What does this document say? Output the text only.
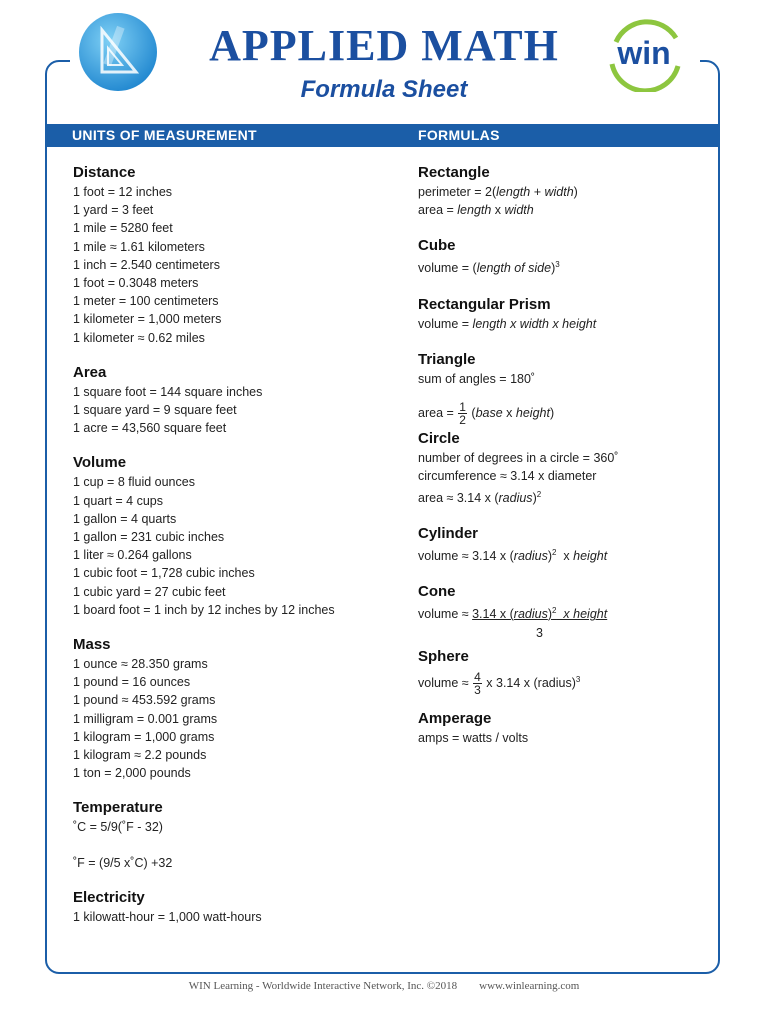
win
APPLIED MATH
Formula Sheet
UNITS OF MEASUREMENT	FORMULAS
Distance
1 foot = 12 inches
1 yard = 3 feet
1 mile = 5280 feet
1 mile ≈ 1.61 kilometers
1 inch = 2.540 centimeters
1 foot = 0.3048 meters
1 meter = 100 centimeters
1 kilometer = 1,000 meters
1 kilometer ≈ 0.62 miles
Area
1 square foot = 144 square inches
1 square yard = 9 square feet
1 acre = 43,560 square feet
Volume
1 cup = 8 fluid ounces
1 quart = 4 cups
1 gallon = 4 quarts
1 gallon = 231 cubic inches
1 liter ≈ 0.264 gallons
1 cubic foot = 1,728 cubic inches
1 cubic yard = 27 cubic feet
1 board foot = 1 inch by 12 inches by 12 inches
Mass
1 ounce ≈ 28.350 grams
1 pound = 16 ounces
1 pound ≈ 453.592 grams
1 milligram = 0.001 grams
1 kilogram = 1,000 grams
1 kilogram ≈ 2.2 pounds
1 ton = 2,000 pounds
Temperature
˚C = 5/9(˚F - 32)
˚F = (9/5 x˚C) +32
Electricity
1 kilowatt-hour = 1,000 watt-hours
Rectangle
perimeter = 2(length + width)
area = length x width
Cube
volume = (length of side)$^3$
Rectangular Prism
volume = length x width x height
Triangle
sum of angles = 180˚
area = $\frac{1}{2}$ (base x height)
Circle
number of degrees in a circle = 360˚
circumference ≈ 3.14 x diameter
area ≈ 3.14 x (radius)$^2$
Cylinder
volume ≈ 3.14 x (radius)$^2$  x height
Cone
volume ≈ 3.14 x (radius)$^2$  x height
3
Sphere
volume ≈ $\frac{4}{3}$ x 3.14 x (radius)$^3$
Amperage
amps = watts / volts
WIN Learning - Worldwide Interactive Network, Inc. ©2018        www.winlearning.com
